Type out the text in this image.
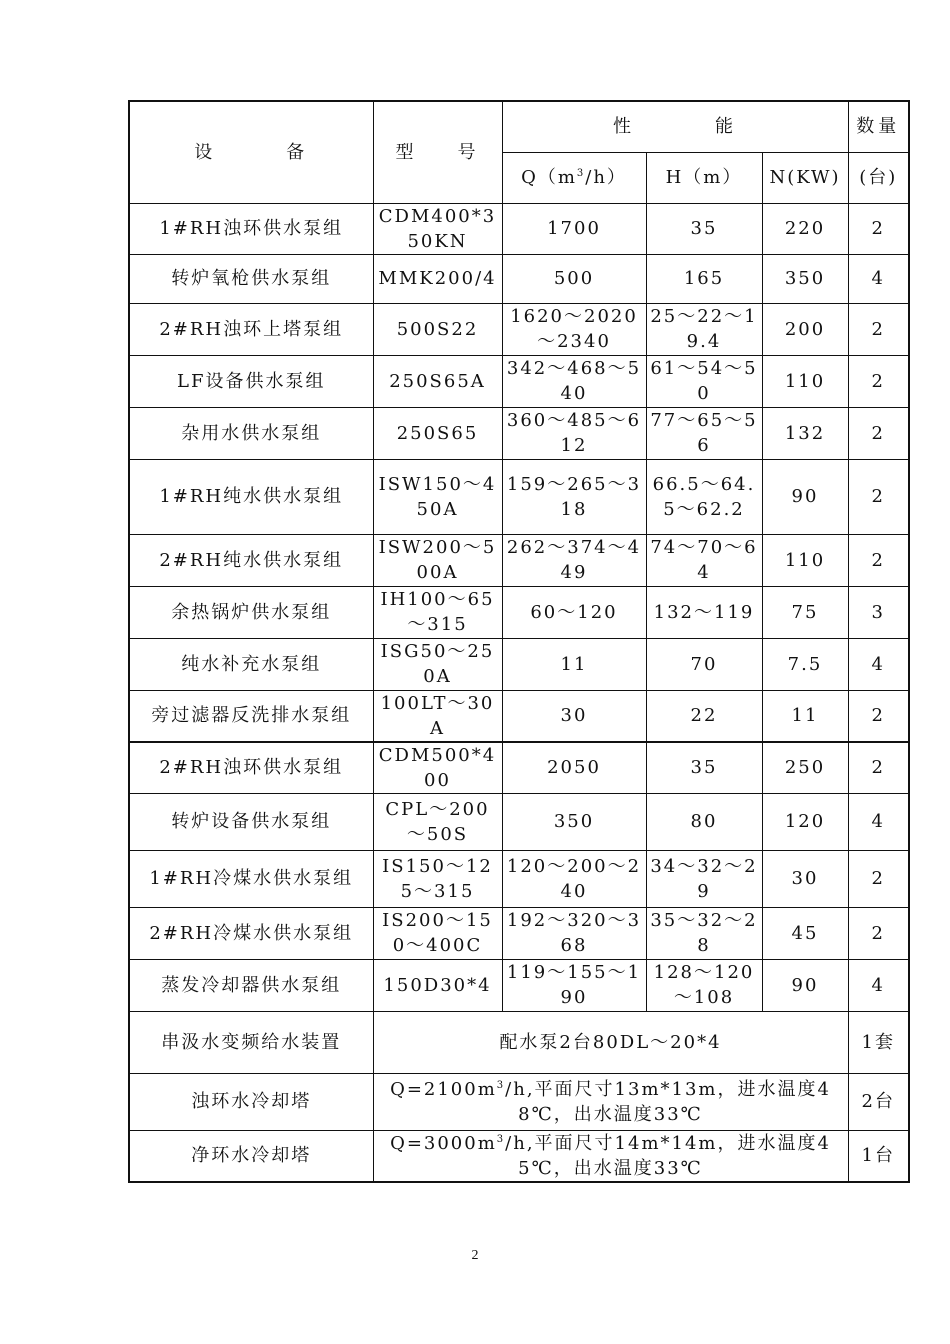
设 备	型 号	性 能			数量
		$Q(m^3/h)$	H（m）	N(KW)	(台)
1#RH浊环供水泵组	CDM400*350KN	1700	35	220	2
转炉氧枪供水泵组	MMK200/4	500	165	350	4
2#RH浊环上塔泵组	500S22	1620～2020～2340	25～22～19.4	200	2
LF设备供水泵组	250S65A	342～468～540	61～54～50	110	2
杂用水供水泵组	250S65	360～485～612	77～65～56	132	2
1#RH纯水供水泵组	ISW150～450A	159～265～318	66.5～64.5～62.2	90	2
2#RH纯水供水泵组	ISW200～500A	262～374～449	74～70～64	110	2
余热锅炉供水泵组	IH100～65～315	60～120	132～119	75	3
纯水补充水泵组	ISG50～250A	11	70	7.5	4
旁过滤器反洗排水泵组	100LT～30A	30	22	11	2
2#RH浊环供水泵组	CDM500*400	2050	35	250	2
转炉设备供水泵组	CPL～200～50S	350	80	120	4
1#RH冷煤水供水泵组	IS150～125～315	120～200～240	34～32～29	30	2
2#RH冷煤水供水泵组	IS200～150～400C	192～320～368	35～32～28	45	2
蒸发冷却器供水泵组	150D30*4	119～155～190	128～120～108	90	4
串汲水变频给水装置	配水泵2台80DL～20*4				1套
浊环水冷却塔	$Q=2100m^3/h$,平面尺寸13m*13m，进水温度48℃，出水温度33℃				2台
净环水冷却塔	$Q=3000m^3/h$,平面尺寸14m*14m，进水温度45℃，出水温度33℃				1台
2
